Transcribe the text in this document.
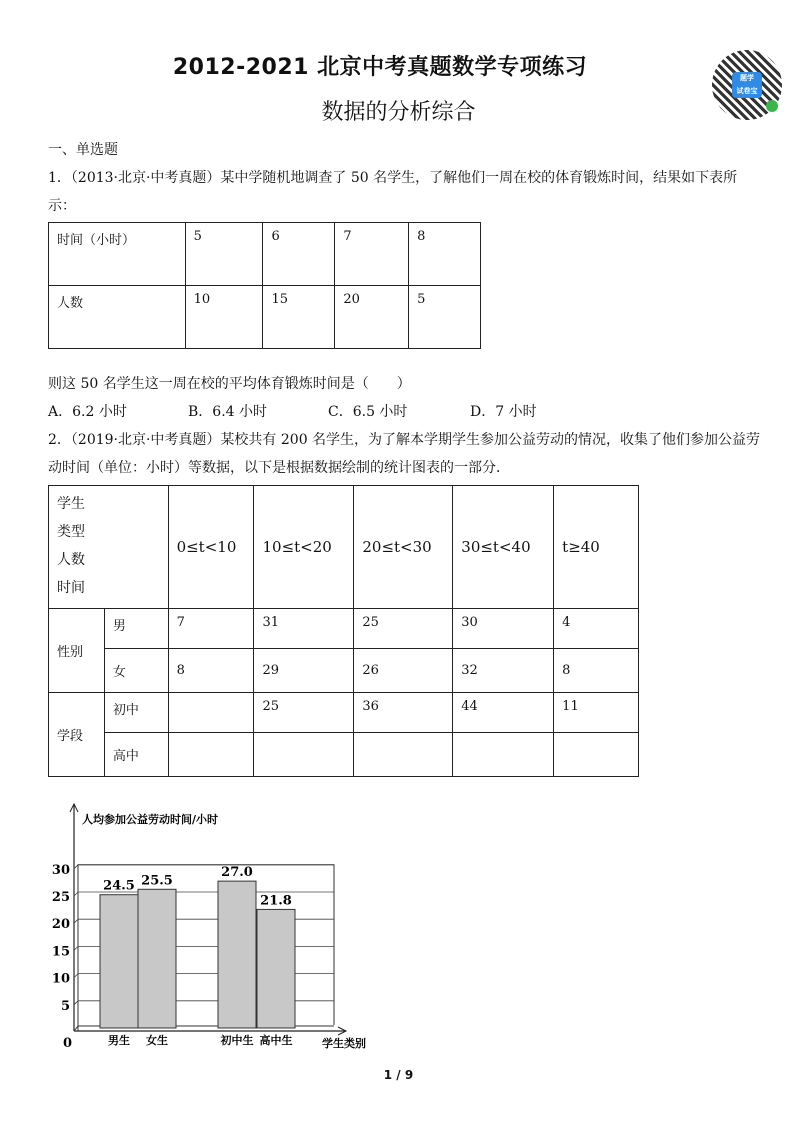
2012-2021 北京中考真题数学专项练习
数据的分析综合
题学
试卷宝
一、单选题
1．（2013·北京·中考真题）某中学随机地调查了 50 名学生，了解他们一周在校的体育锻炼时间，结果如下表所
示：
时间（小时）	5	6	7	8
人数	10	15	20	5
则这 50 名学生这一周在校的平均体育锻炼时间是（　　）
A．6.2 小时	B．6.4 小时	C．6.5 小时	D．7 小时
2．（2019·北京·中考真题）某校共有 200 名学生，为了解本学期学生参加公益劳动的情况，收集了他们参加公益劳
动时间（单位：小时）等数据，以下是根据数据绘制的统计图表的一部分．
学生
类型
人数
时间		0≤t<10	10≤t<20	20≤t<30	30≤t<40	t≥40
性别	男	7	31	25	30	4
	女	8	29	26	32	8
学段	初中		25	36	44	11
	高中					
人均参加公益劳动时间/小时
30
25
20
15
10
5
0
24.5
男生
25.5
女生
27.0
初中生
21.8
高中生	学生类别
1 / 9
